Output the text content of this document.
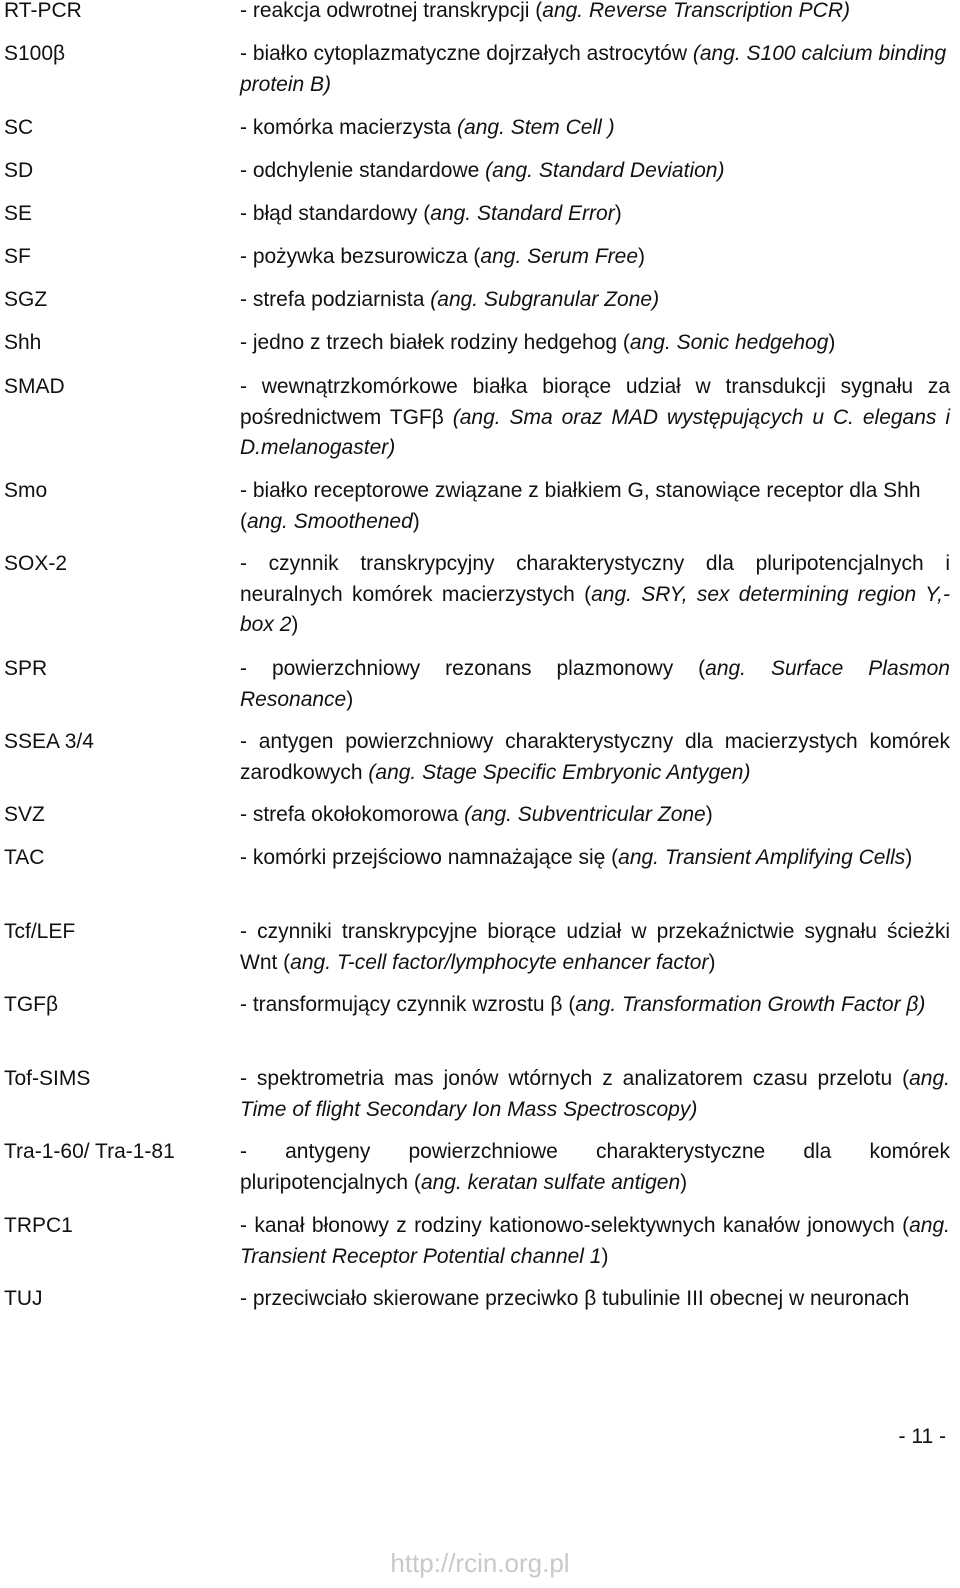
RT-PCR	- reakcja odwrotnej transkrypcji (ang. Reverse Transcription PCR)
S100β	- białko cytoplazmatyczne dojrzałych astrocytów (ang. S100 calcium binding protein B)
SC	- komórka macierzysta (ang. Stem Cell )
SD	- odchylenie standardowe (ang. Standard Deviation)
SE	- błąd standardowy (ang. Standard Error)
SF	- pożywka bezsurowicza (ang. Serum Free)
SGZ	- strefa podziarnista (ang. Subgranular Zone)
Shh	- jedno z trzech białek rodziny hedgehog (ang. Sonic hedgehog)
SMAD	- wewnątrzkomórkowe białka biorące udział w transdukcji sygnału za pośrednictwem TGFβ (ang. Sma oraz MAD występujących u C. elegans i D.melanogaster)
Smo	- białko receptorowe związane z białkiem G, stanowiące receptor dla Shh (ang. Smoothened)
SOX-2	- czynnik transkrypcyjny charakterystyczny dla pluripotencjalnych i neuralnych komórek macierzystych (ang. SRY, sex determining region Y,-box 2)
SPR	- powierzchniowy rezonans plazmonowy (ang. Surface Plasmon Resonance)
SSEA 3/4	- antygen powierzchniowy charakterystyczny dla macierzystych komórek zarodkowych (ang. Stage Specific Embryonic Antygen)
SVZ	- strefa okołokomorowa (ang. Subventricular Zone)
TAC	- komórki przejściowo namnażające się (ang. Transient Amplifying Cells)
Tcf/LEF	- czynniki transkrypcyjne biorące udział w przekaźnictwie sygnału ścieżki Wnt (ang. T-cell factor/lymphocyte enhancer factor)
TGFβ	- transformujący czynnik wzrostu β (ang. Transformation Growth Factor β)
Tof-SIMS	- spektrometria mas jonów wtórnych z analizatorem czasu przelotu (ang. Time of flight Secondary Ion Mass Spectroscopy)
Tra-1-60/ Tra-1-81	- antygeny powierzchniowe charakterystyczne dla komórek pluripotencjalnych (ang. keratan sulfate antigen)
TRPC1	- kanał błonowy z rodziny kationowo-selektywnych kanałów jonowych (ang. Transient Receptor Potential channel 1)
TUJ	- przeciwciało skierowane przeciwko β tubulinie III obecnej w neuronach
- 11 -
http://rcin.org.pl
